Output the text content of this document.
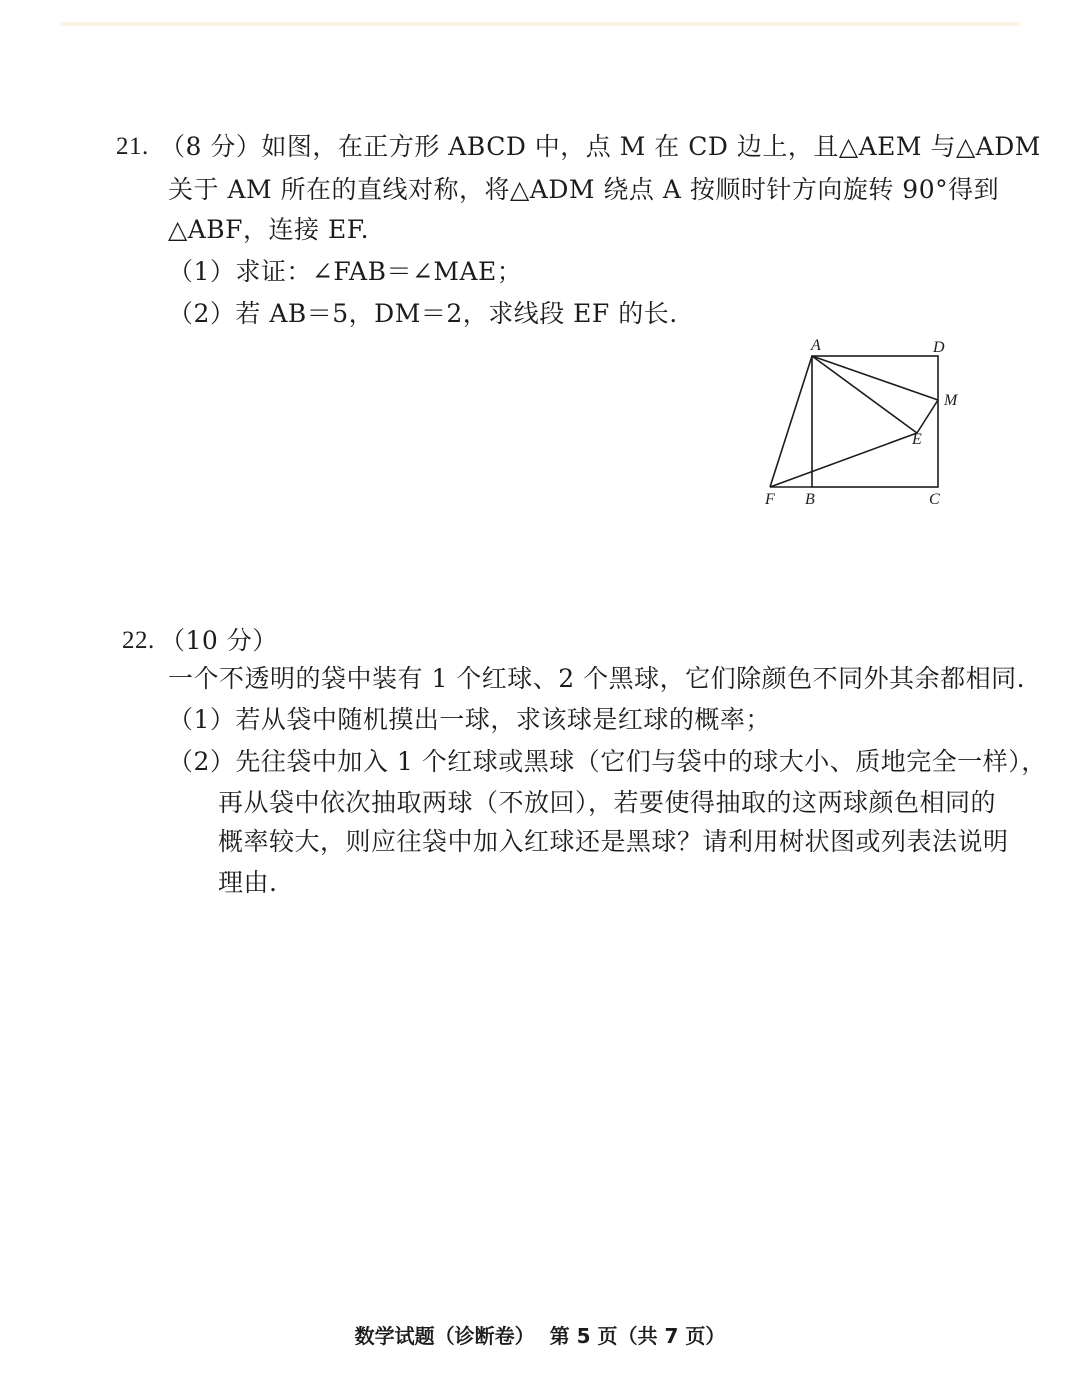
21. （8 分）如图，在正方形 ABCD 中，点 M 在 CD 边上，且△AEM 与△ADM
关于 AM 所在的直线对称，将△ADM 绕点 A 按顺时针方向旋转 90°得到
△ABF，连接 EF.
（1）求证：∠FAB＝∠MAE；
（2）若 AB＝5，DM＝2，求线段 EF 的长.
A	D
M
E
F B	C
22. （10 分）
一个不透明的袋中装有 1 个红球、2 个黑球，它们除颜色不同外其余都相同.
（1）若从袋中随机摸出一球，求该球是红球的概率；
（2）先往袋中加入 1 个红球或黑球（它们与袋中的球大小、质地完全一样），
再从袋中依次抽取两球（不放回），若要使得抽取的这两球颜色相同的
概率较大，则应往袋中加入红球还是黑球？请利用树状图或列表法说明
理由.
数学试题（诊断卷） 第 5 页（共 7 页）
